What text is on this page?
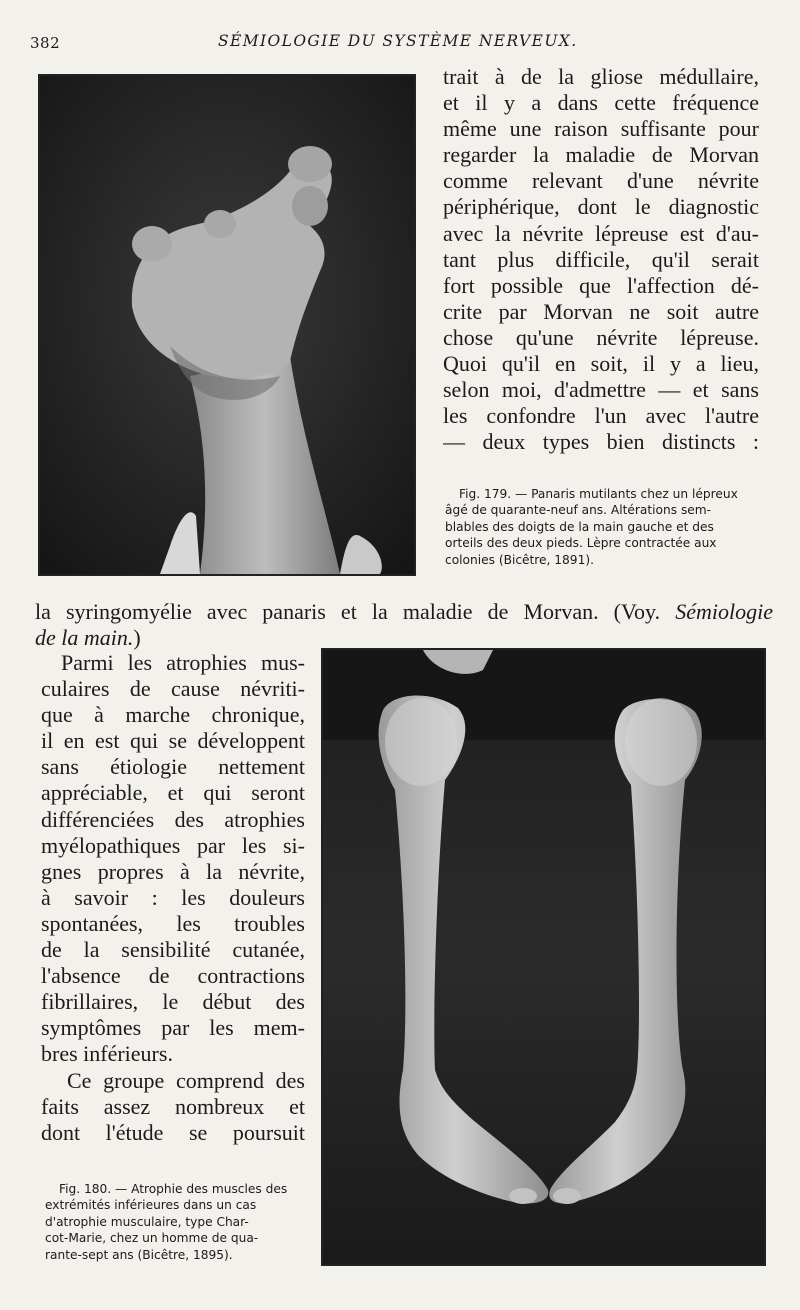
382	SÉMIOLOGIE DU SYSTÈME NERVEUX.
trait à de la gliose médullaire,
et il y a dans cette fréquence
même une raison suffisante pour
regarder la maladie de Morvan
comme relevant d'une névrite
périphérique, dont le diagnostic
avec la névrite lépreuse est d'au-
tant plus difficile, qu'il serait
fort possible que l'affection dé-
crite par Morvan ne soit autre
chose qu'une névrite lépreuse.
Quoi qu'il en soit, il y a lieu,
selon moi, d'admettre — et sans
les confondre l'un avec l'autre
— deux types bien distincts :
Fig. 179. — Panaris mutilants chez un lépreux
âgé de quarante-neuf ans. Altérations sem-
blables des doigts de la main gauche et des
orteils des deux pieds. Lèpre contractée aux
colonies (Bicêtre, 1891).
la syringomyélie avec panaris et la maladie de Morvan. (Voy. Sémiologie
de la main.)
Parmi les atrophies mus-
culaires de cause névriti-
que à marche chronique,
il en est qui se développent
sans étiologie nettement
appréciable, et qui seront
différenciées des atrophies
myélopathiques par les si-
gnes propres à la névrite,
à savoir : les douleurs
spontanées, les troubles
de la sensibilité cutanée,
l'absence de contractions
fibrillaires, le début des
symptômes par les mem-
bres inférieurs.
Ce groupe comprend des
faits assez nombreux et
dont l'étude se poursuit
Fig. 180. — Atrophie des muscles des
extrémités inférieures dans un cas
d'atrophie musculaire, type Char-
cot-Marie, chez un homme de qua-
rante-sept ans (Bicêtre, 1895).
